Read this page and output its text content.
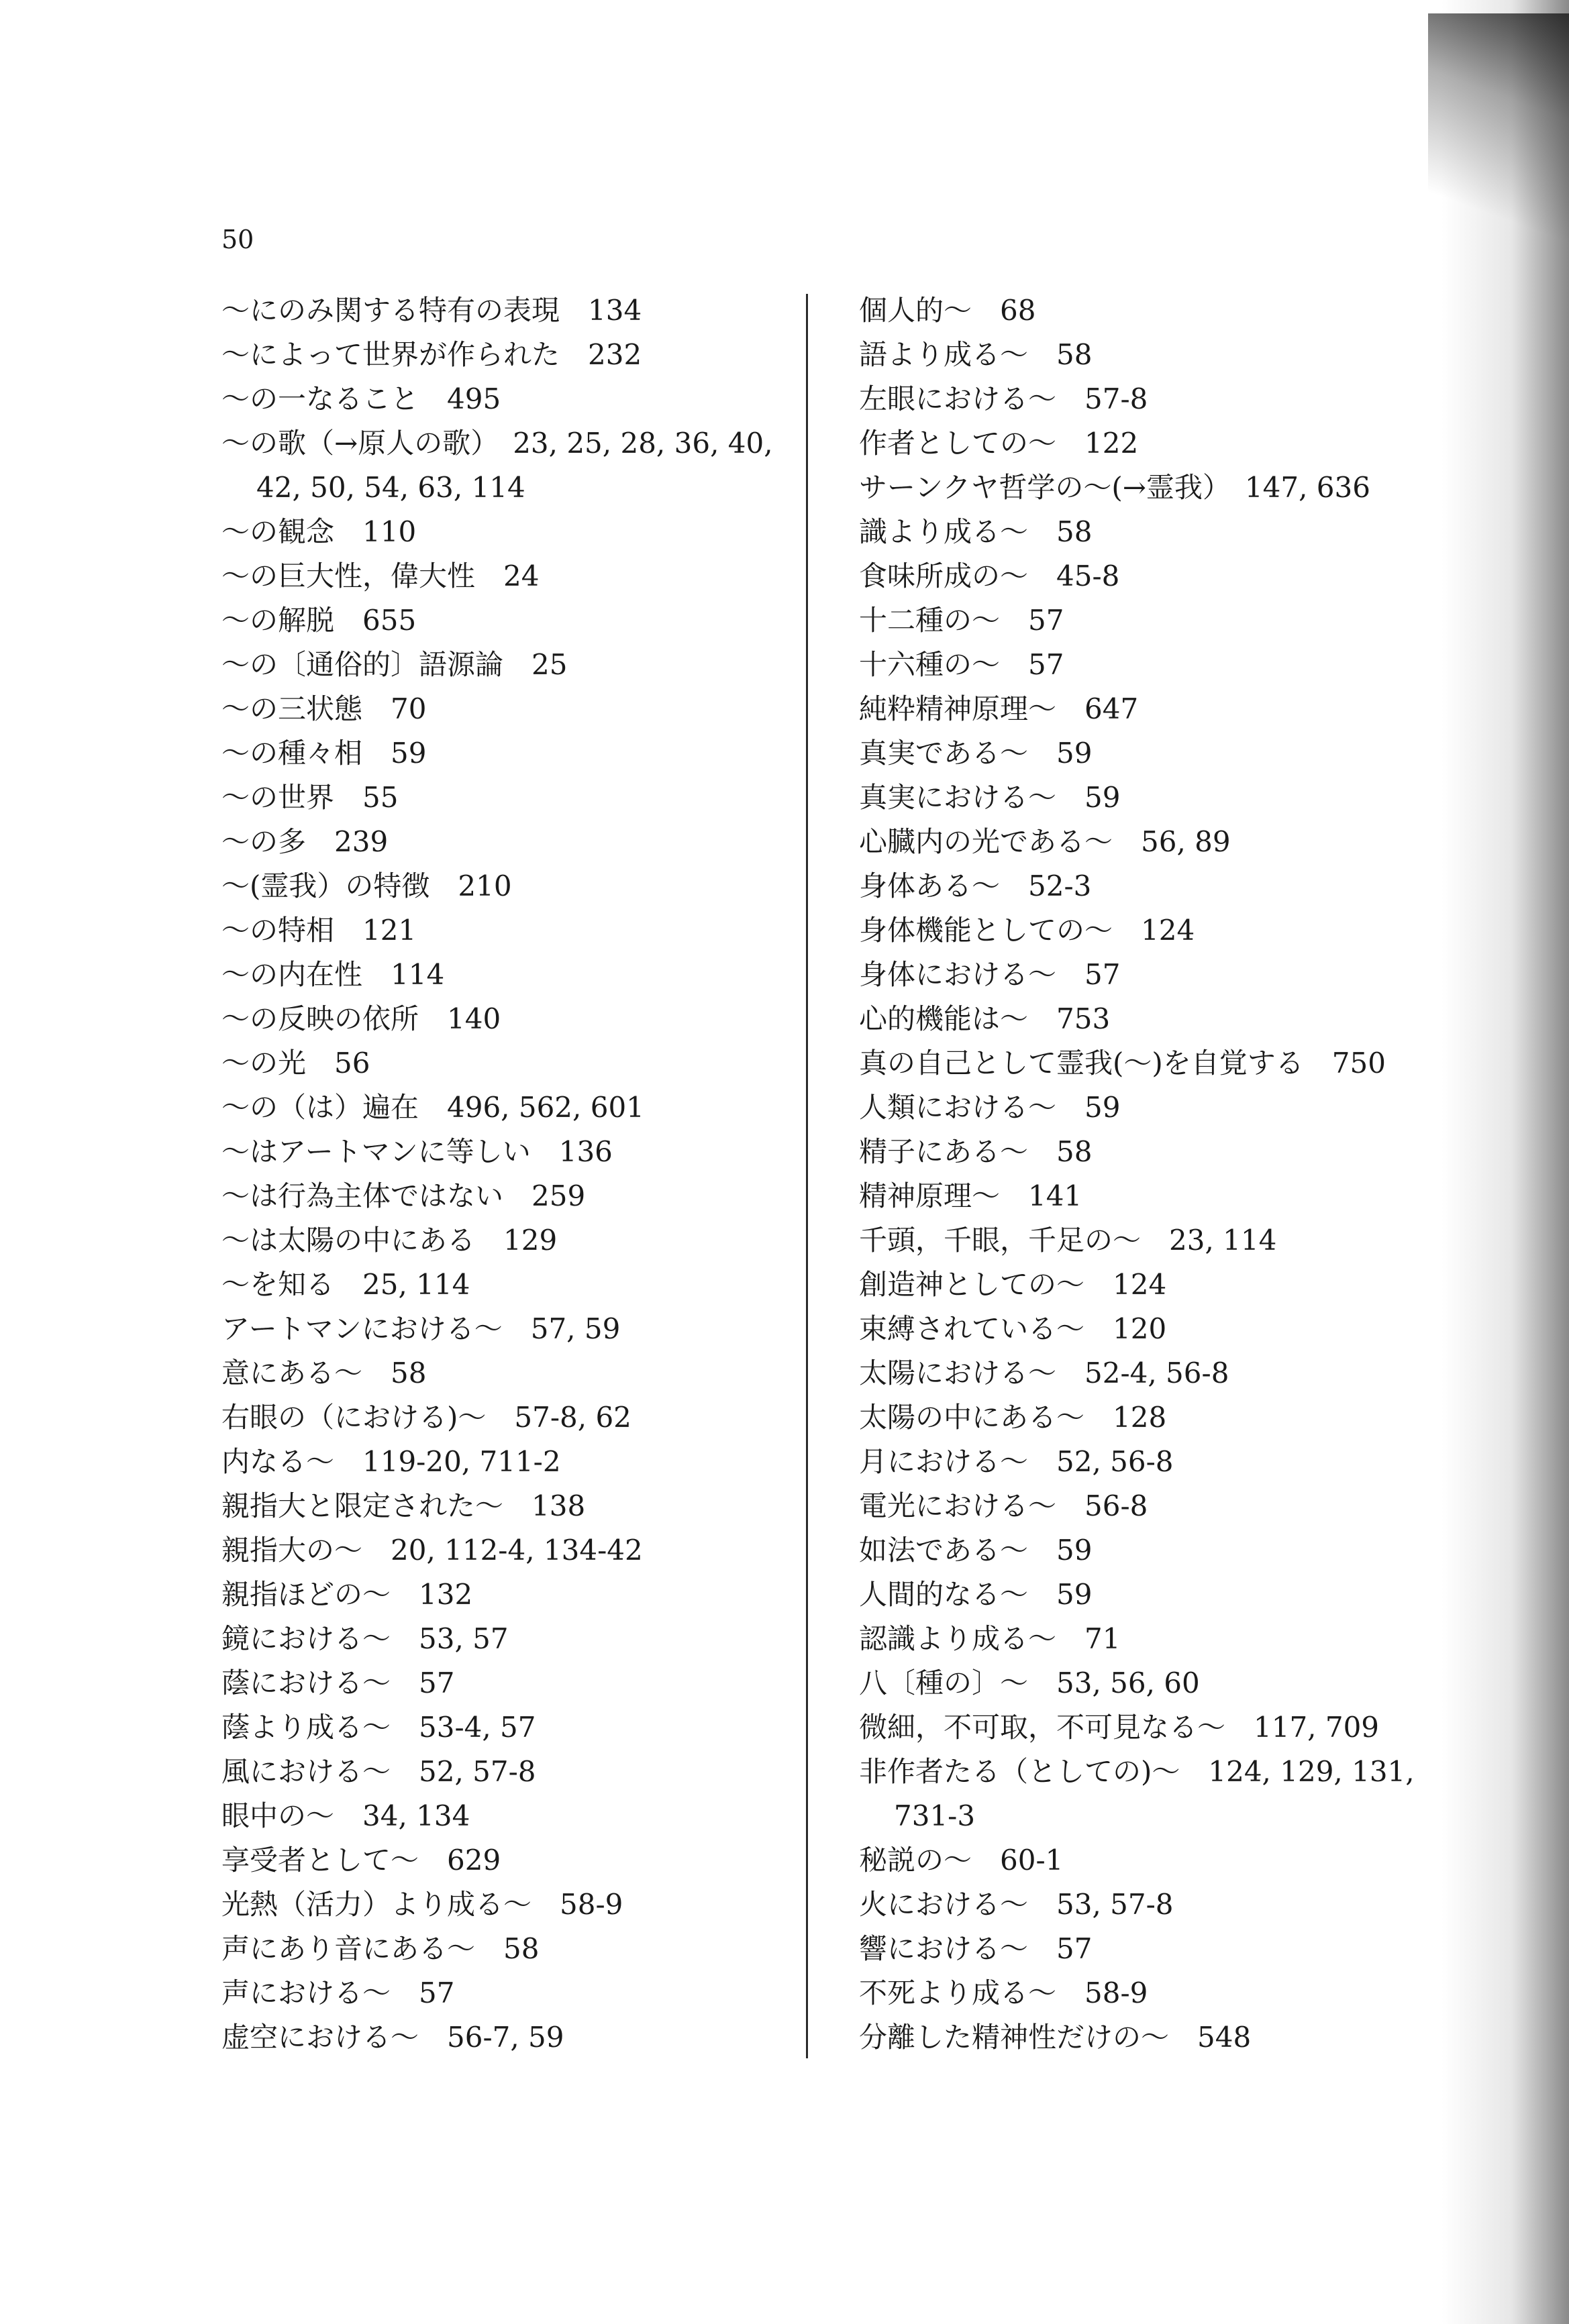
50
〜にのみ関する特有の表現　134
〜によって世界が作られた　232
〜の一なること　495
〜の歌（→原人の歌）　23, 25, 28, 36, 40,
42, 50, 54, 63, 114
〜の観念　110
〜の巨大性，偉大性　24
〜の解脱　655
〜の〔通俗的〕語源論　25
〜の三状態　70
〜の種々相　59
〜の世界　55
〜の多　239
〜(霊我）の特徴　210
〜の特相　121
〜の内在性　114
〜の反映の依所　140
〜の光　56
〜の（は）遍在　496, 562, 601
〜はアートマンに等しい　136
〜は行為主体ではない　259
〜は太陽の中にある　129
〜を知る　25, 114
アートマンにおける〜　57, 59
意にある〜　58
右眼の（における)〜　57-8, 62
内なる〜　119-20, 711-2
親指大と限定された〜　138
親指大の〜　20, 112-4, 134-42
親指ほどの〜　132
鏡における〜　53, 57
蔭における〜　57
蔭より成る〜　53-4, 57
風における〜　52, 57-8
眼中の〜　34, 134
享受者として〜　629
光熱（活力）より成る〜　58-9
声にあり音にある〜　58
声における〜　57
虚空における〜　56-7, 59
個人的〜　68
語より成る〜　58
左眼における〜　57-8
作者としての〜　122
サーンクヤ哲学の〜(→霊我）　147, 636
識より成る〜　58
食味所成の〜　45-8
十二種の〜　57
十六種の〜　57
純粋精神原理〜　647
真実である〜　59
真実における〜　59
心臓内の光である〜　56, 89
身体ある〜　52-3
身体機能としての〜　124
身体における〜　57
心的機能は〜　753
真の自己として霊我(〜)を自覚する　750
人類における〜　59
精子にある〜　58
精神原理〜　141
千頭，千眼，千足の〜　23, 114
創造神としての〜　124
束縛されている〜　120
太陽における〜　52-4, 56-8
太陽の中にある〜　128
月における〜　52, 56-8
電光における〜　56-8
如法である〜　59
人間的なる〜　59
認識より成る〜　71
八〔種の〕〜　53, 56, 60
微細，不可取，不可見なる〜　117, 709
非作者たる（としての)〜　124, 129, 131,
731-3
秘説の〜　60-1
火における〜　53, 57-8
響における〜　57
不死より成る〜　58-9
分離した精神性だけの〜　548
